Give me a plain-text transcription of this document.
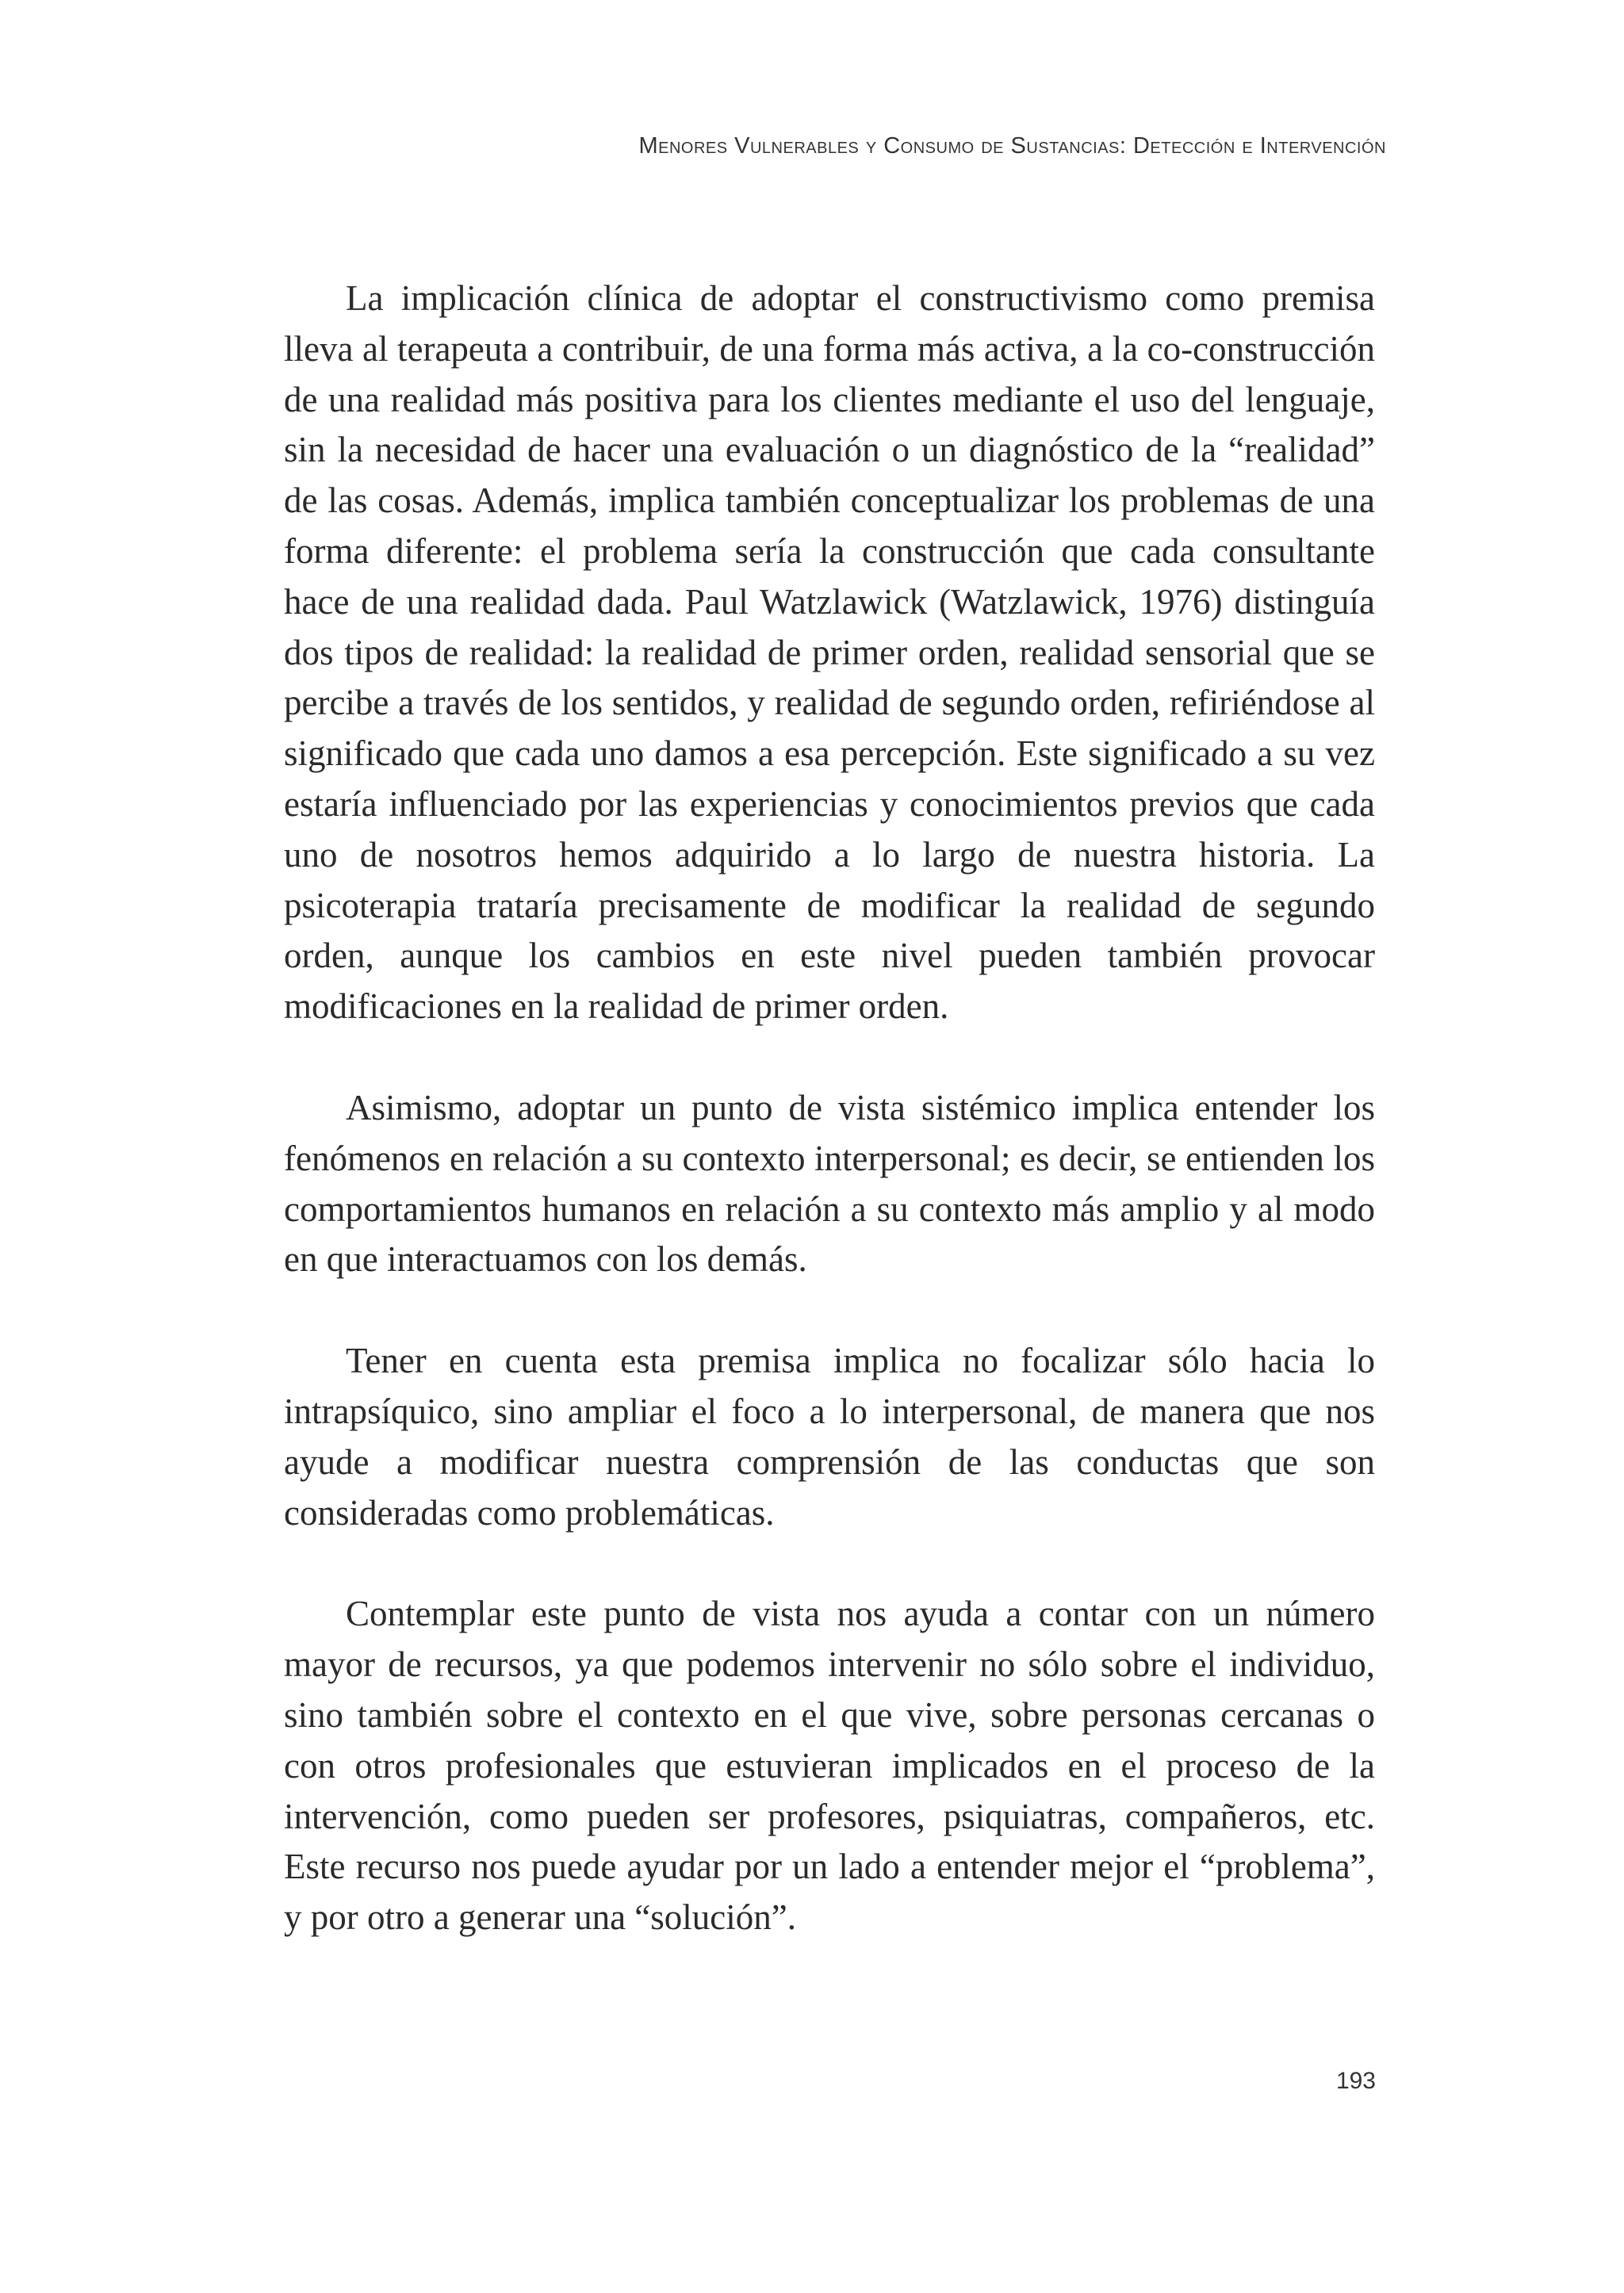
Menores Vulnerables y Consumo de Sustancias: Detección e Intervención

La implicación clínica de adoptar el constructivismo como premisa lleva al terapeuta a contribuir, de una forma más activa, a la co-construcción de una realidad más positiva para los clientes mediante el uso del lenguaje, sin la necesidad de hacer una evaluación o un diagnóstico de la “realidad” de las cosas. Además, implica también conceptualizar los problemas de una forma diferente: el problema sería la construcción que cada consultante hace de una realidad dada. Paul Watzlawick (Watzlawick, 1976) distinguía dos tipos de realidad: la realidad de primer orden, realidad sensorial que se percibe a través de los sentidos, y realidad de segundo orden, refiriéndose al significado que cada uno damos a esa percepción. Este significado a su vez estaría influenciado por las experiencias y conocimientos previos que cada uno de nosotros hemos adquirido a lo largo de nuestra historia. La psicoterapia trataría precisamente de modificar la realidad de segundo orden, aunque los cambios en este nivel pueden también provocar modificaciones en la realidad de primer orden.

Asimismo, adoptar un punto de vista sistémico implica entender los fenómenos en relación a su contexto interpersonal; es decir, se entienden los comportamientos humanos en relación a su contexto más amplio y al modo en que interactuamos con los demás.

Tener en cuenta esta premisa implica no focalizar sólo hacia lo intrapsíquico, sino ampliar el foco a lo interpersonal, de manera que nos ayude a modificar nuestra comprensión de las conductas que son consideradas como problemáticas.

Contemplar este punto de vista nos ayuda a contar con un número mayor de recursos, ya que podemos intervenir no sólo sobre el individuo, sino también sobre el contexto en el que vive, sobre personas cercanas o con otros profesionales que estuvieran implicados en el proceso de la intervención, como pueden ser profesores, psiquiatras, compañeros, etc. Este recurso nos puede ayudar por un lado a entender mejor el “problema”, y por otro a generar una “solución”.

193
